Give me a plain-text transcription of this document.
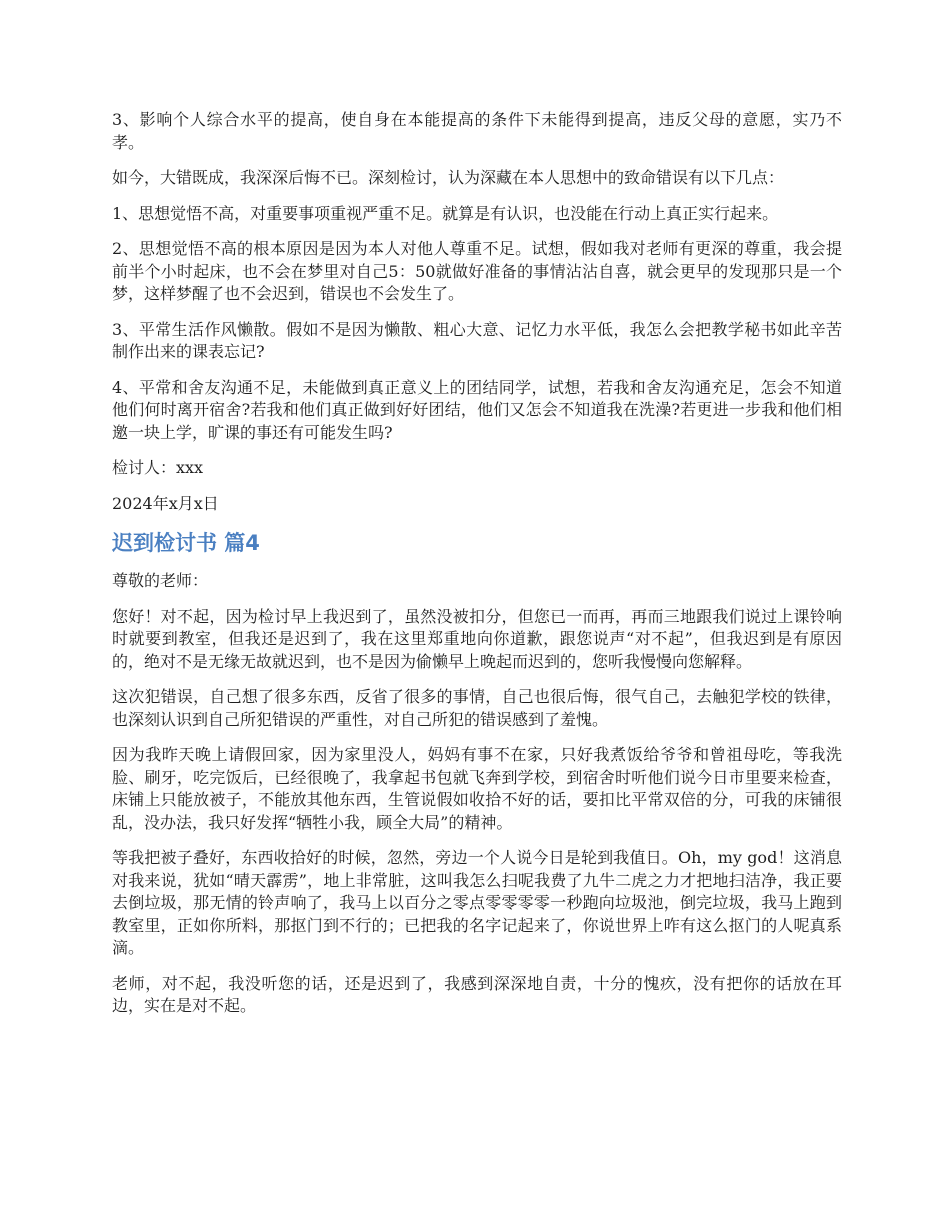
3、影响个人综合水平的提高，使自身在本能提高的条件下未能得到提高，违反父母的意愿，实乃不孝。

如今，大错既成，我深深后悔不已。深刻检讨，认为深藏在本人思想中的致命错误有以下几点：

1、思想觉悟不高，对重要事项重视严重不足。就算是有认识，也没能在行动上真正实行起来。

2、思想觉悟不高的根本原因是因为本人对他人尊重不足。试想，假如我对老师有更深的尊重，我会提前半个小时起床，也不会在梦里对自己5：50就做好准备的事情沾沾自喜，就会更早的发现那只是一个梦，这样梦醒了也不会迟到，错误也不会发生了。

3、平常生活作风懒散。假如不是因为懒散、粗心大意、记忆力水平低，我怎么会把教学秘书如此辛苦制作出来的课表忘记?

4、平常和舍友沟通不足，未能做到真正意义上的团结同学，试想，若我和舍友沟通充足，怎会不知道他们何时离开宿舍?若我和他们真正做到好好团结，他们又怎会不知道我在洗澡?若更进一步我和他们相邀一块上学，旷课的事还有可能发生吗?

检讨人：xxx

2024年x月x日

迟到检讨书 篇4

尊敬的老师：

您好！对不起，因为检讨早上我迟到了，虽然没被扣分，但您已一而再，再而三地跟我们说过上课铃响时就要到教室，但我还是迟到了，我在这里郑重地向你道歉，跟您说声“对不起”，但我迟到是有原因的，绝对不是无缘无故就迟到，也不是因为偷懒早上晚起而迟到的，您听我慢慢向您解释。

这次犯错误，自己想了很多东西，反省了很多的事情，自己也很后悔，很气自己，去触犯学校的铁律，也深刻认识到自己所犯错误的严重性，对自己所犯的错误感到了羞愧。

因为我昨天晚上请假回家，因为家里没人，妈妈有事不在家，只好我煮饭给爷爷和曾祖母吃，等我洗脸、刷牙，吃完饭后，已经很晚了，我拿起书包就飞奔到学校，到宿舍时听他们说今日市里要来检查，床铺上只能放被子，不能放其他东西，生管说假如收拾不好的话，要扣比平常双倍的分，可我的床铺很乱，没办法，我只好发挥“牺牲小我，顾全大局”的精神。

等我把被子叠好，东西收拾好的时候，忽然，旁边一个人说今日是轮到我值日。Oh，my god！这消息对我来说，犹如“晴天霹雳”，地上非常脏，这叫我怎么扫呢我费了九牛二虎之力才把地扫洁净，我正要去倒垃圾，那无情的铃声响了，我马上以百分之零点零零零零一秒跑向垃圾池，倒完垃圾，我马上跑到教室里，正如你所料，那抠门到不行的；已把我的名字记起来了，你说世界上咋有这么抠门的人呢真系滴。

老师，对不起，我没听您的话，还是迟到了，我感到深深地自责，十分的愧疚，没有把你的话放在耳边，实在是对不起。
